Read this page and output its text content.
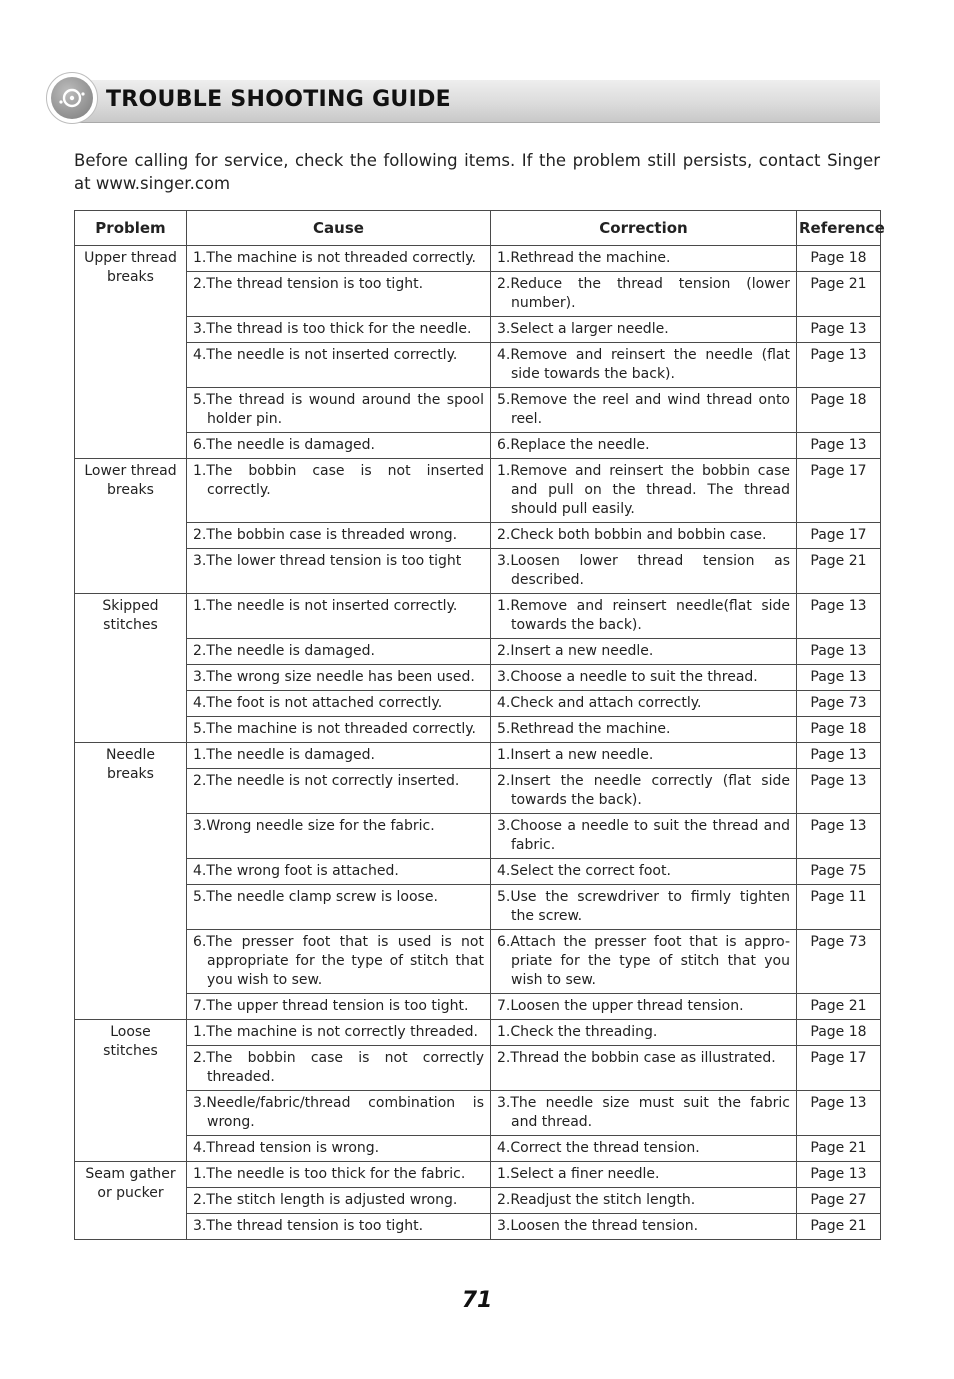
TROUBLE SHOOTING GUIDE
Before calling for service, check the following items. If the problem still persists, contact Singer at www.singer.com
Problem	Cause	Correction	Reference
Upper thread breaks	1.The machine is not threaded correctly.	1.Rethread the machine.	Page 18

	2.The thread tension is too tight.	2.Reduce the thread tension (lower number).	Page 21

	3.The thread is too thick for the needle.	3.Select a larger needle.	Page 13

	4.The needle is not inserted correctly.	4.Remove and reinsert the needle (flat side towards the back).	Page 13

	5.The thread is wound around the spool holder pin.	5.Remove the reel and wind thread onto reel.	Page 18

	6.The needle is damaged.	6.Replace the needle.	Page 13
Lower thread breaks	1.The bobbin case is not inserted correctly.	1.Remove and reinsert the bobbin case and pull on the thread. The thread should pull easily.	Page 17

	2.The bobbin case is threaded wrong.	2.Check both bobbin and bobbin case.	Page 17

	3.The lower thread tension is too tight	3.Loosen lower thread tension as described.	Page 21
Skipped stitches	1.The needle is not inserted correctly.	1.Remove and reinsert needle(flat side towards the back).	Page 13

	2.The needle is damaged.	2.Insert a new needle.	Page 13

	3.The wrong size needle has been used.	3.Choose a needle to suit the thread.	Page 13

	4.The foot is not attached correctly.	4.Check and attach correctly.	Page 73

	5.The machine is not threaded correctly.	5.Rethread the machine.	Page 18
Needle breaks	1.The needle is damaged.	1.Insert a new needle.	Page 13

	2.The needle is not correctly inserted.	2.Insert the needle correctly (flat side towards the back).	Page 13

	3.Wrong needle size for the fabric.	3.Choose a needle to suit the thread and fabric.	Page 13

	4.The wrong foot is attached.	4.Select the correct foot.	Page 75

	5.The needle clamp screw is loose.	5.Use the screwdriver to firmly tighten the screw.	Page 11

	6.The presser foot that is used is not appropriate for the type of stitch that you wish to sew.	6.Attach the presser foot that is appro-priate for the type of stitch that you wish to sew.	Page 73

	7.The upper thread tension is too tight.	7.Loosen the upper thread tension.	Page 21
Loose stitches	1.The machine is not correctly threaded.	1.Check the threading.	Page 18

	2.The bobbin case is not correctly threaded.	2.Thread the bobbin case as illustrated.	Page 17

	3.Needle/fabric/thread combination is wrong.	3.The needle size must suit the fabric and thread.	Page 13

	4.Thread tension is wrong.	4.Correct the thread tension.	Page 21
Seam gather or pucker	1.The needle is too thick for the fabric.	1.Select a finer needle.	Page 13

	2.The stitch length is adjusted wrong.	2.Readjust the stitch length.	Page 27

	3.The thread tension is too tight.	3.Loosen the thread tension.	Page 21
71
